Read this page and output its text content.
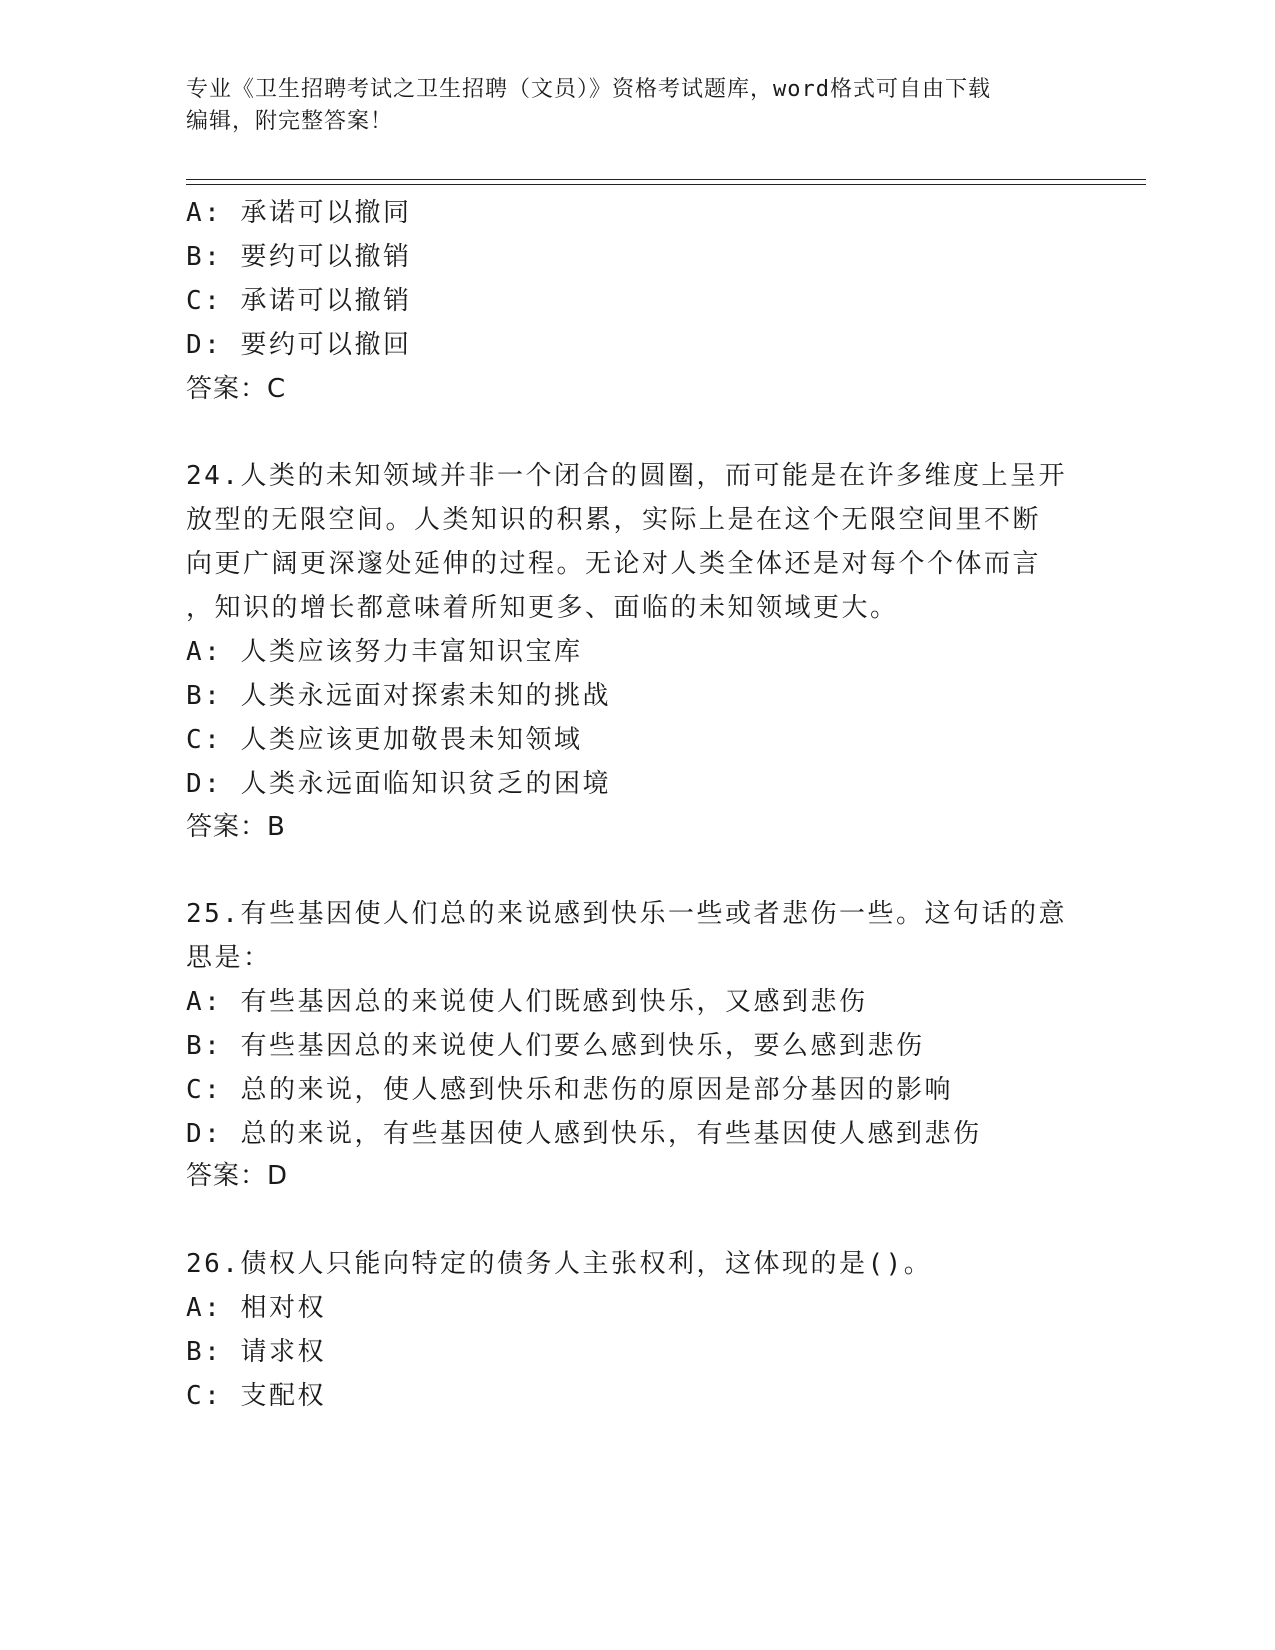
专业《卫生招聘考试之卫生招聘（文员）》资格考试题库，word格式可自由下载
编辑，附完整答案！
A: 承诺可以撤同
B: 要约可以撤销
C: 承诺可以撤销
D: 要约可以撤回
答案：C
24.人类的未知领域并非一个闭合的圆圈，而可能是在许多维度上呈开
放型的无限空间。人类知识的积累，实际上是在这个无限空间里不断
向更广阔更深邃处延伸的过程。无论对人类全体还是对每个个体而言
，知识的增长都意味着所知更多、面临的未知领域更大。
A: 人类应该努力丰富知识宝库
B: 人类永远面对探索未知的挑战
C: 人类应该更加敬畏未知领域
D: 人类永远面临知识贫乏的困境
答案：B
25.有些基因使人们总的来说感到快乐一些或者悲伤一些。这句话的意
思是：
A: 有些基因总的来说使人们既感到快乐，又感到悲伤
B: 有些基因总的来说使人们要么感到快乐，要么感到悲伤
C: 总的来说，使人感到快乐和悲伤的原因是部分基因的影响
D: 总的来说，有些基因使人感到快乐，有些基因使人感到悲伤
答案：D
26.债权人只能向特定的债务人主张权利，这体现的是()。
A: 相对权
B: 请求权
C: 支配权
